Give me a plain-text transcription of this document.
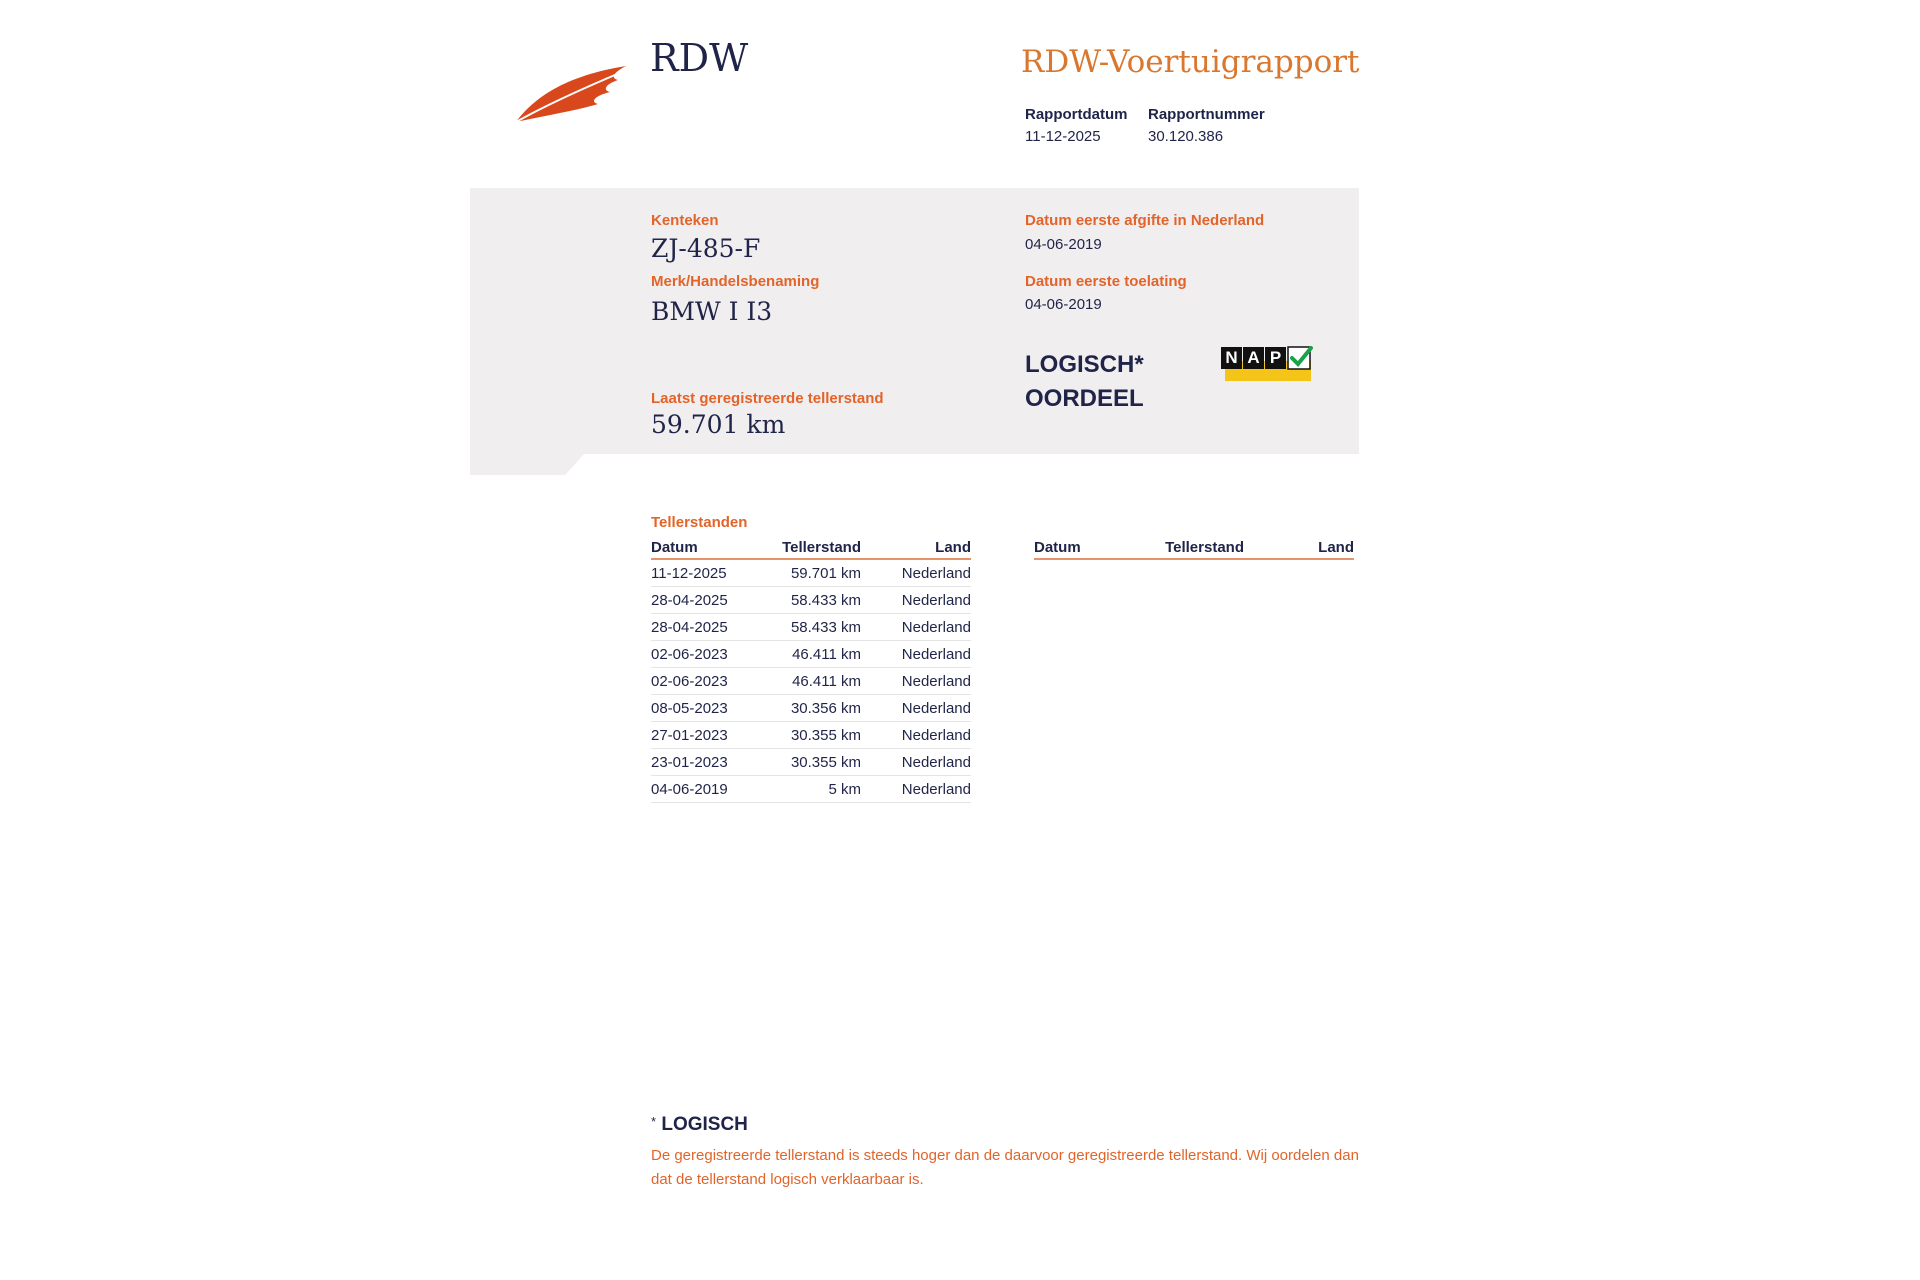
RDW	RDW-Voertuigrapport
Rapportdatum
11-12-2025
Rapportnummer
30.120.386
Kenteken
ZJ-485-F
Merk/Handelsbenaming
BMW I I3
Datum eerste afgifte in Nederland
04-06-2019
Datum eerste toelating
04-06-2019
LOGISCH*
OORDEEL
N A P
Laatst geregistreerde tellerstand
59.701 km
Tellerstanden
Datum	Tellerstand	Land
11-12-2025	59.701 km	Nederland
28-04-2025	58.433 km	Nederland
28-04-2025	58.433 km	Nederland
02-06-2023	46.411 km	Nederland
02-06-2023	46.411 km	Nederland
08-05-2023	30.356 km	Nederland
27-01-2023	30.355 km	Nederland
23-01-2023	30.355 km	Nederland
04-06-2019	5 km	Nederland
Datum	Tellerstand	Land
* LOGISCH
De geregistreerde tellerstand is steeds hoger dan de daarvoor geregistreerde tellerstand. Wij oordelen dan dat de tellerstand logisch verklaarbaar is.
